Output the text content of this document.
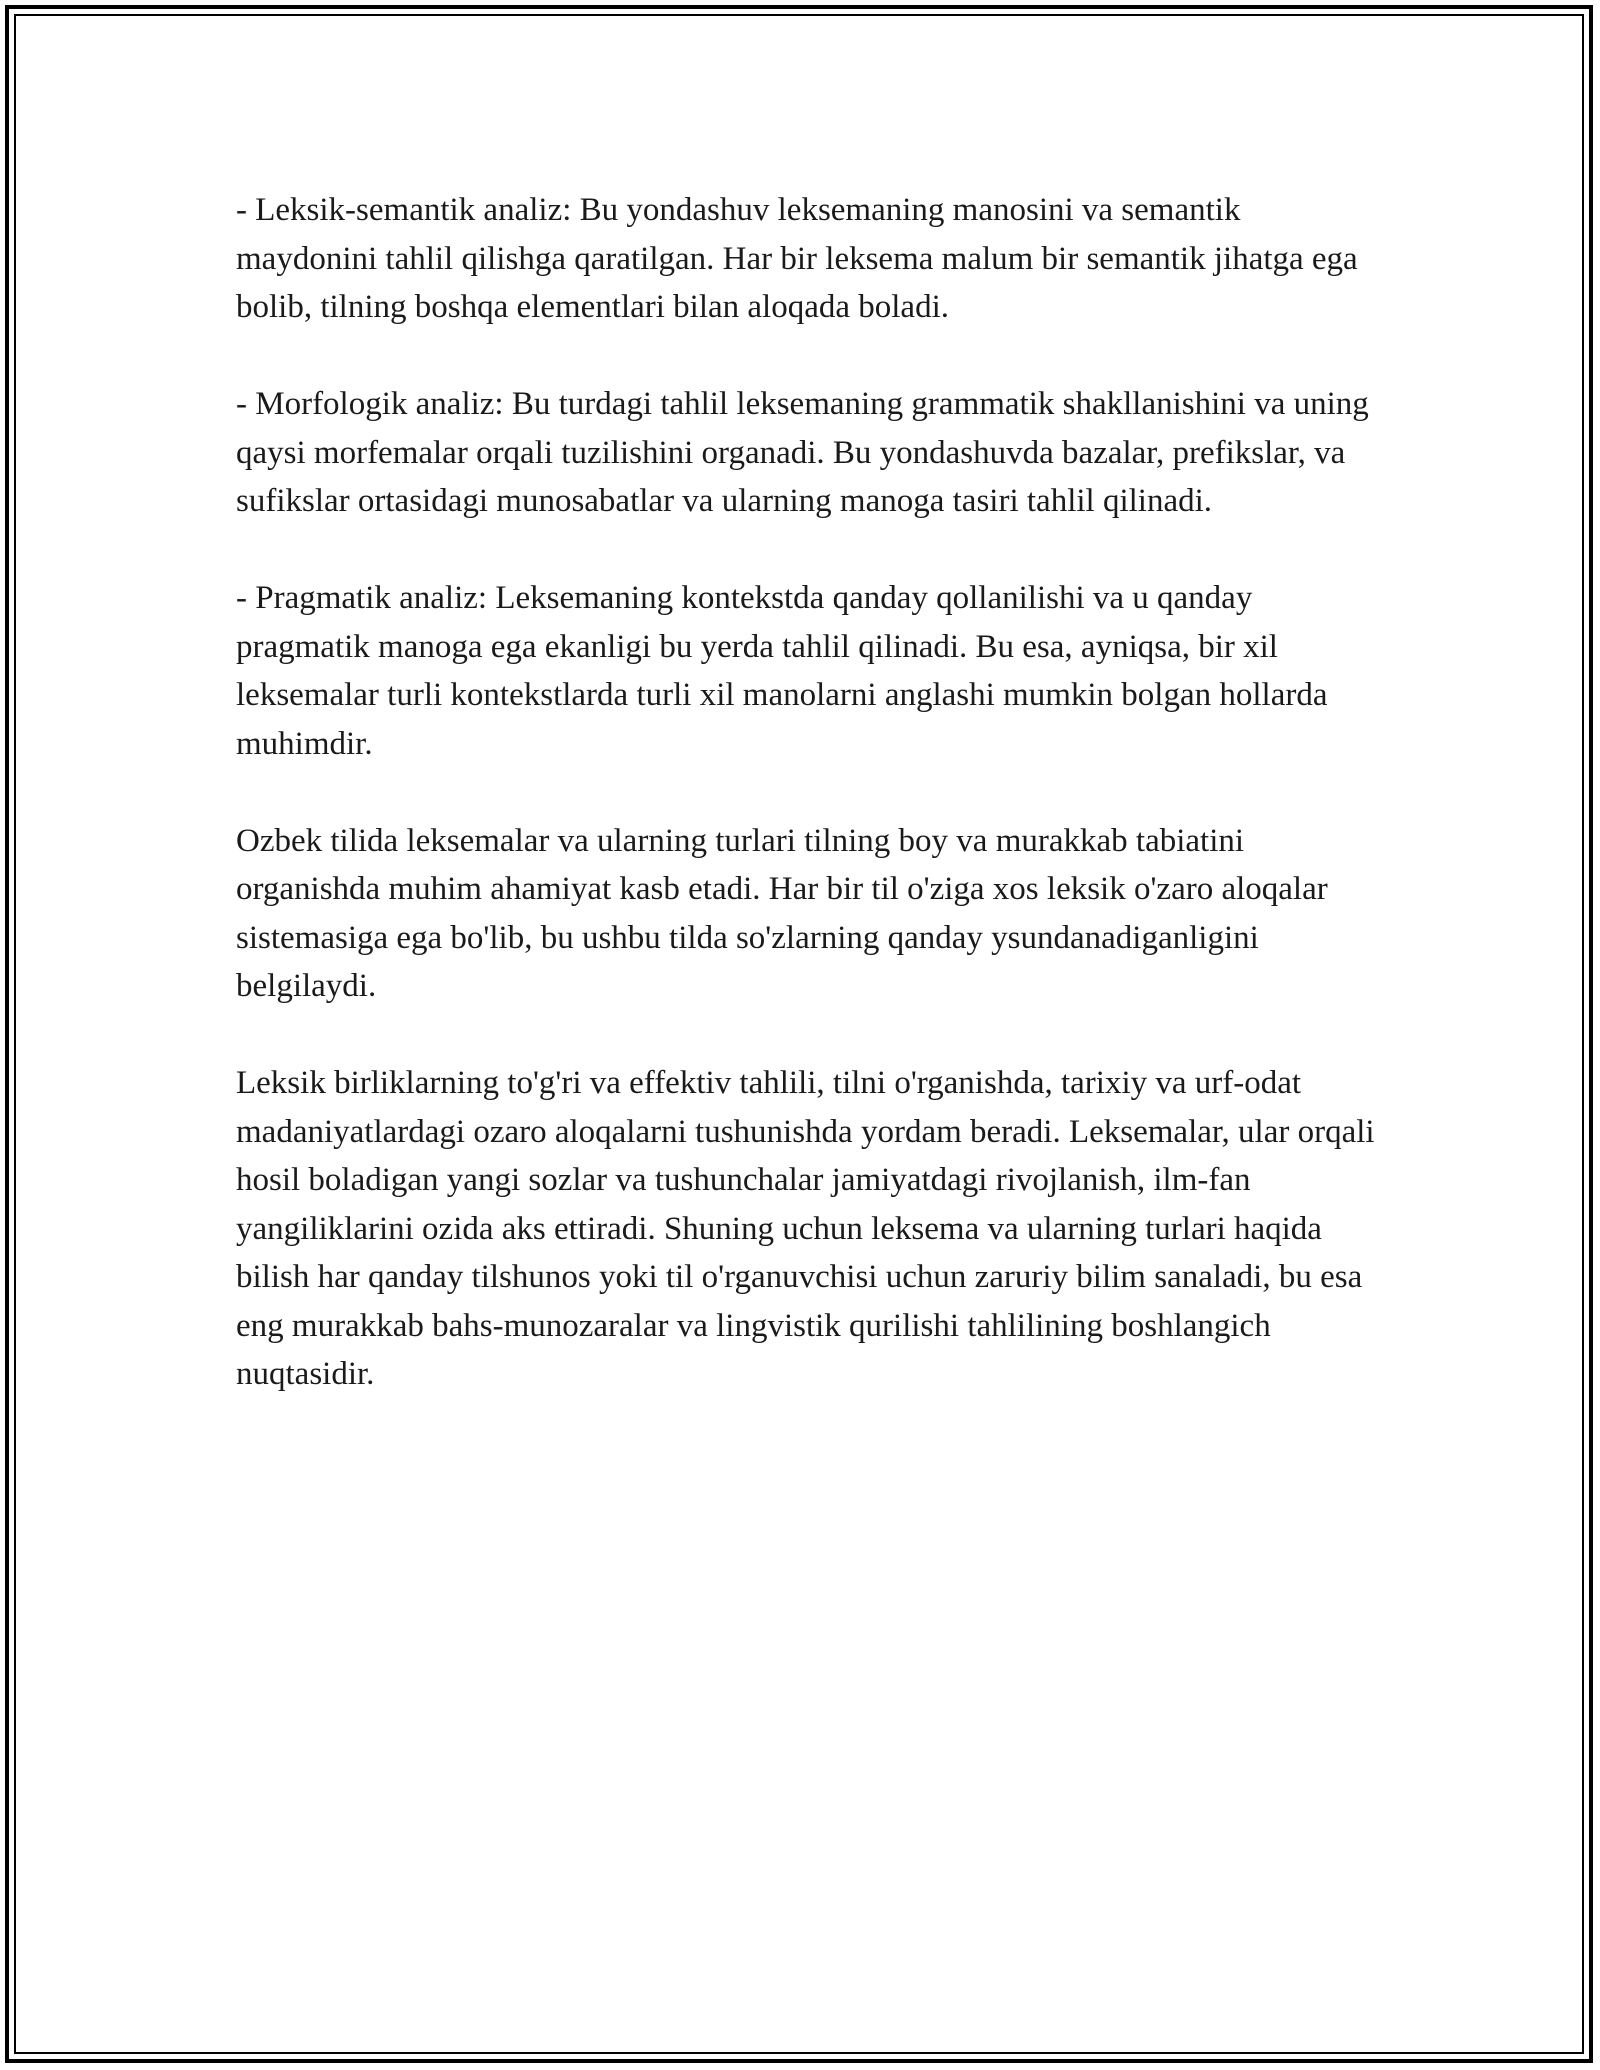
- Leksik-semantik analiz: Bu yondashuv leksemaning manosini va semantik maydonini tahlil qilishga qaratilgan. Har bir leksema malum bir semantik jihatga ega bolib, tilning boshqa elementlari bilan aloqada boladi.

- Morfologik analiz: Bu turdagi tahlil leksemaning grammatik shakllanishini va uning qaysi morfemalar orqali tuzilishini organadi. Bu yondashuvda bazalar, prefikslar, va sufikslar ortasidagi munosabatlar va ularning manoga tasiri tahlil qilinadi.

- Pragmatik analiz: Leksemaning kontekstda qanday qollanilishi va u qanday pragmatik manoga ega ekanligi bu yerda tahlil qilinadi. Bu esa, ayniqsa, bir xil leksemalar turli kontekstlarda turli xil manolarni anglashi mumkin bolgan hollarda muhimdir.

Ozbek tilida leksemalar va ularning turlari tilning boy va murakkab tabiatini organishda muhim ahamiyat kasb etadi. Har bir til o'ziga xos leksik o'zaro aloqalar sistemasiga ega bo'lib, bu ushbu tilda so'zlarning qanday ysundanadiganligini belgilaydi.

Leksik birliklarning to'g'ri va effektiv tahlili, tilni o'rganishda, tarixiy va urf-odat madaniyatlardagi ozaro aloqalarni tushunishda yordam beradi. Leksemalar, ular orqali hosil boladigan yangi sozlar va tushunchalar jamiyatdagi rivojlanish, ilm-fan yangiliklarini ozida aks ettiradi. Shuning uchun leksema va ularning turlari haqida bilish har qanday tilshunos yoki til o'rganuvchisi uchun zaruriy bilim sanaladi, bu esa eng murakkab bahs-munozaralar va lingvistik qurilishi tahlilining boshlangich nuqtasidir.
